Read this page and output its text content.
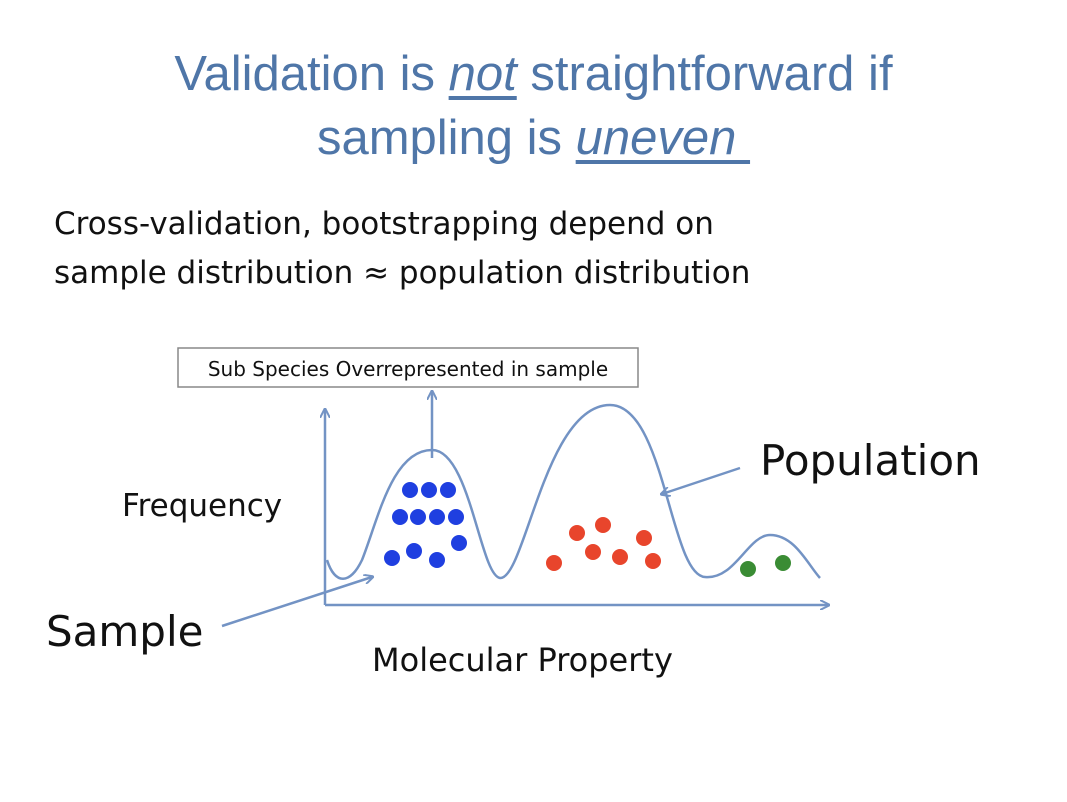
Validation is not straightforward if
sampling is uneven
Cross-validation, bootstrapping depend on
sample distribution ≈ population distribution
Sub Species Overrepresented in sample
Frequency
Molecular Property
Population
Sample
